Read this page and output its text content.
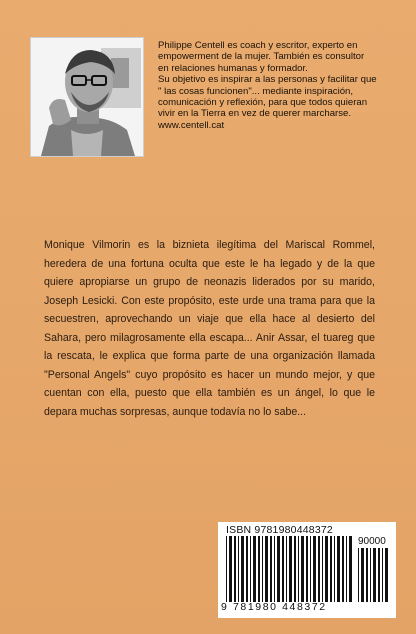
Philippe Centell es coach y escritor, experto en

empowerment de la mujer. También es consultor

en relaciones humanas y formador.

Su objetivo es inspirar a las personas y facilitar que

" las cosas funcionen"... mediante inspiración,

comunicación y reflexión, para que todos quieran

vivir en la Tierra en vez de querer marcharse.

www.centell.cat

Monique Vilmorin es la biznieta ilegítima del Mariscal Rommel, heredera de una fortuna oculta que este le ha legado y de la que quiere apropiarse un grupo de neonazis liderados por su marido, Joseph Lesicki. Con este propósito, este urde una trama para que la secuestren, aprovechando un viaje que ella hace al desierto del Sahara, pero milagrosamente ella escapa... Anir Assar, el tuareg que la rescata, le explica que forma parte de una organización llamada "Personal Angels" cuyo propósito es hacer un mundo mejor, y que cuentan con ella, puesto que ella también es un ángel, lo que le depara muchas sorpresas, aunque todavía no lo sabe...

ISBN 9781980448372
90000
9 781980 448372
